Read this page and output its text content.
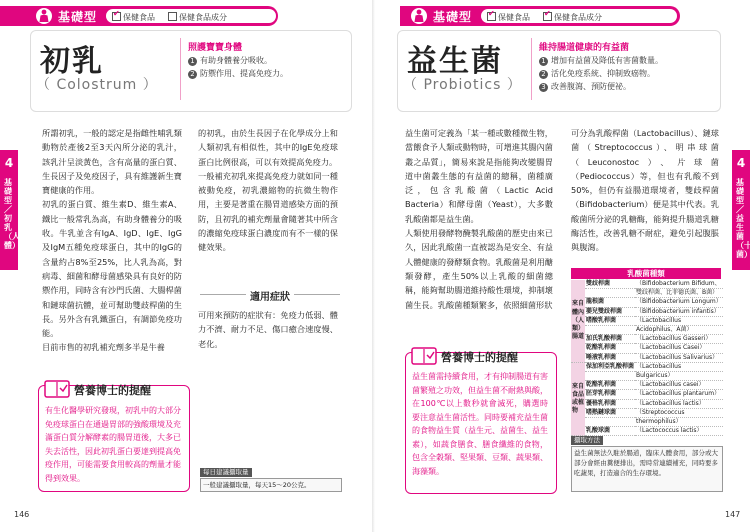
基礎型 ✔	保健食品	保健食品成分
初乳
（ Colostrum ）
照護寶寶身體
1 有助身體養分吸收。
2 防禦作用、提高免疫力。
4
基礎型／初乳（人體）
所謂初乳，一般的認定是指雌性哺乳類動物於產後2至3天內所分泌的乳汁，該乳汁呈淡黃色，含有高量的蛋白質、生長因子及免疫因子，具有維護新生寶寶健康的作用。
初乳的蛋白質、維生素D、維生素A、鐵比一般常乳為高，有助身體養分的吸收。牛乳並含有IgA、IgD、IgE、IgG及IgM五種免疫球蛋白，其中的IgG的含量約占8%至25%，比人乳為高，對病毒、細菌和酵母菌感染具有良好的防禦作用，同時含有沙門氏菌、大腸桿菌和鏈球菌抗體，並可幫助雙歧桿菌的生長。另外含有乳鐵蛋白，有調節免疫功能。
目前市售的初乳補充劑多半是牛養
的初乳，由於生長因子在化學成分上和人類初乳有相似性，其中的IgE免疫球蛋白比例很高，可以有效提高免疫力。
一般補充初乳來提高免疫力就如同一種被動免疫，初乳濃縮物的抗微生物作用，主要是著重在腸胃道感染方面的預防，且初乳的補充劑量會隨著其中所含的濃縮免疫球蛋白濃度而有不一樣的保健效果。
適用症狀
可用來預防的症狀有：免疫力低弱、體力不濟、耐力不足、傷口癒合速度慢、老化。
營養博士的提醒
有生化醫學研究發現，初乳中的大部分免疫球蛋白在通過胃部的強酸環境及充滿蛋白質分解酵素的腸胃道後，大多已失去活性，因此初乳蛋白要達到提高免疫作用，可能需要食用較高的劑量才能得到效果。
每日建議攝取量
一般建議攝取量，每天15～20公克。
146
基礎型 ✔	保健食品 ✔	保健食品成分
益生菌
（ Probiotics ）
維持腸道健康的有益菌
1 增加有益菌及降低有害菌數量。
2 活化免疫系統、抑制致癌物。
3 改善腹瀉、預防便祕。
4
基礎型／益生菌（十菌）
益生菌可定義為「某一種或數種微生物，當餵食予人類或動物時，可增進其腸內菌叢之品質」，簡易來說是指能夠改變腸胃道中菌叢生態的有益菌的總稱，菌種廣泛，包含乳酸菌（Lactic Acid Bacteria）和酵母菌（Yeast），大多數乳酸菌都是益生菌。
人類使用發酵物醃製乳酸菌的歷史由來已久，因此乳酸菌一直被認為是安全、有益人體健康的發酵類食物。乳酸菌是利用醣類發酵，產生50%以上乳酸的細菌總稱，能夠幫助腸道維持酸性環境，抑制壞菌生長。乳酸菌種類繁多，依照細菌形狀
可分為乳酸桿菌（Lactobacillus）、鏈球菌（Streptococcus）、明串球菌（Leuconostoc）、片球菌（Pediococcus）等，但也有乳酸不到50%，但仍有益腸道環境者，雙歧桿菌（Bifidobacterium）便是其中代表。乳酸菌所分泌的乳糖酶，能夠提升腸道乳糖酶活性，改善乳糖不耐症，避免引起腹脹與腹瀉。
乳酸菌種類
來自體內（人類）腸道	雙歧桿菌	（Bifidobacterium Bifidum、
		雙歧桿菌、比菲德氏菌、B菌）
	龍根菌	（Bifidobacterium Longum）
	嬰兒雙歧桿菌	（Bifidobacterium infantis）
	嗜酸乳桿菌	（Lactobacillus
		Acidophilus、A菌）
	加氏乳酸桿菌	（Lactobacillus Gasseri）
	乾酪乳桿菌	（Lactobacillus Casei）
	唾液乳桿菌	（Lactobacillus Salivarius）
來自食品或植物	保加利亞乳酸桿菌	（Lactobacillus
		Bulgaricus）
	乾酪乳桿菌	（Lactobacillus casei）
	胚芽乳桿菌	（Lactobacillus plantarum）
	優格乳桿菌	（Lactobacillus lactis）
	嗜熱鏈球菌	（Streptococcus
		thermophilus）
	乳酸球菌	（Lactococcus lactis）
營養博士的提醒
益生菌需持續食用，才有抑制腸道有害菌繁殖之功效，但益生菌不耐熱與酸，在100℃以上數秒就會滅死，購選時要注意益生菌活性。同時要補充益生菌的食物益生質（益生元、益菌生、益生素），如蔬食膳食、膳食纖維的食物，包含全穀類、堅果類、豆類、蔬果類、海藻類。
攝取方法
益生菌無法久駐於腸道，臨床人體食用，部分或大部分會經由糞便排出，需時常連續補充，同時要多吃蔬果，打造適合的生存環境。
147
